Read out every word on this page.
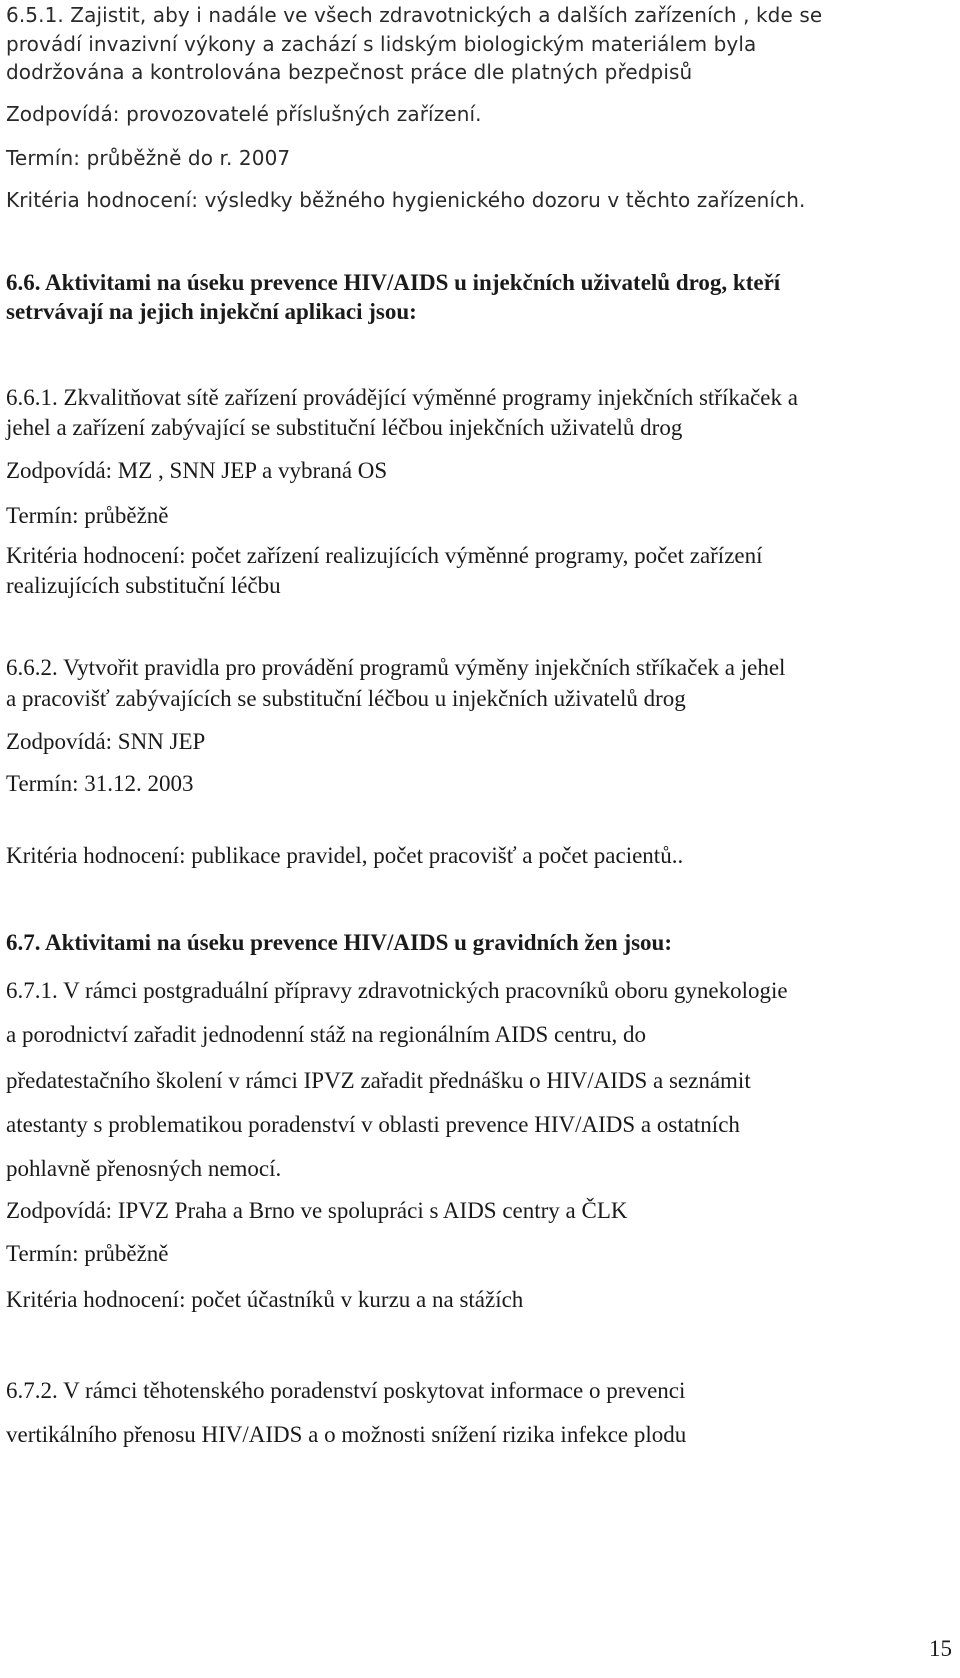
6.5.1. Zajistit, aby i nadále ve všech zdravotnických a dalších zařízeních , kde se
provádí invazivní výkony a zachází s lidským biologickým materiálem byla
dodržována a kontrolována bezpečnost práce dle platných předpisů
Zodpovídá: provozovatelé příslušných zařízení.
Termín: průběžně do r. 2007
Kritéria hodnocení: výsledky běžného hygienického dozoru v těchto zařízeních.
6.6. Aktivitami na úseku prevence HIV/AIDS u injekčních uživatelů drog, kteří
setrvávají na jejich injekční aplikaci jsou:
6.6.1. Zkvalitňovat sítě zařízení provádějící výměnné programy injekčních stříkaček a
jehel a zařízení zabývající se substituční léčbou injekčních uživatelů drog
Zodpovídá: MZ , SNN JEP a vybraná OS
Termín: průběžně
Kritéria hodnocení: počet zařízení realizujících výměnné programy, počet zařízení
realizujících substituční léčbu
6.6.2. Vytvořit pravidla pro provádění programů výměny injekčních stříkaček a jehel
a pracovišť zabývajících se substituční léčbou u injekčních uživatelů drog
Zodpovídá: SNN JEP
Termín: 31.12. 2003
Kritéria hodnocení: publikace pravidel, počet pracovišť a počet pacientů..
6.7. Aktivitami na úseku prevence HIV/AIDS u gravidních žen jsou:
6.7.1. V rámci postgraduální přípravy zdravotnických pracovníků oboru gynekologie
a porodnictví zařadit jednodenní stáž na regionálním AIDS centru, do
předatestačního školení v rámci IPVZ zařadit přednášku o HIV/AIDS a seznámit
atestanty s problematikou poradenství v oblasti prevence HIV/AIDS a ostatních
pohlavně přenosných nemocí.
Zodpovídá: IPVZ Praha a Brno ve spolupráci s AIDS centry a ČLK
Termín: průběžně
Kritéria hodnocení: počet účastníků v kurzu a na stážích
6.7.2. V rámci těhotenského poradenství poskytovat informace o prevenci
vertikálního přenosu HIV/AIDS a o možnosti snížení rizika infekce plodu
15
